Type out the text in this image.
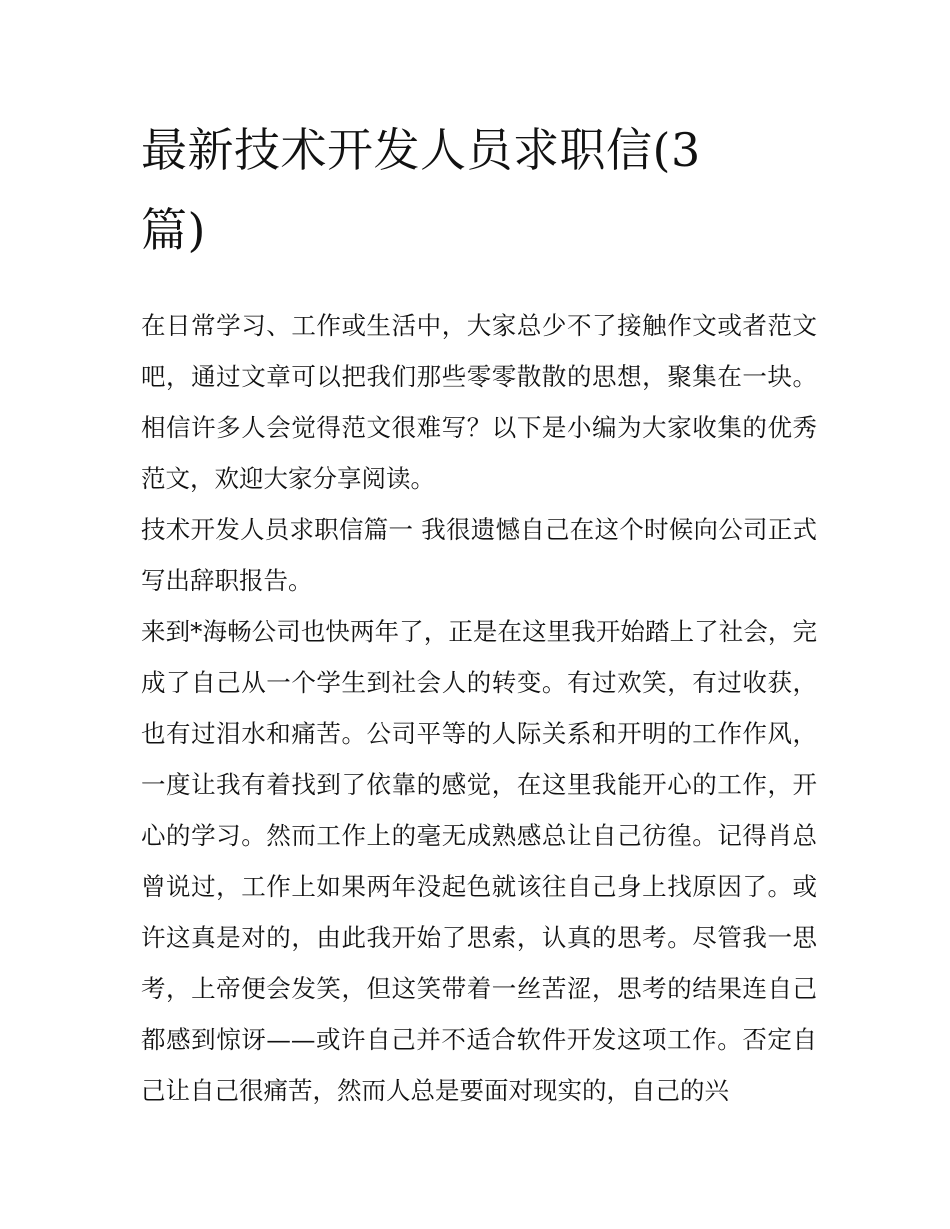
最新技术开发人员求职信(3篇)

在日常学习、工作或生活中，大家总少不了接触作文或者范文吧，通过文章可以把我们那些零零散散的思想，聚集在一块。相信许多人会觉得范文很难写？以下是小编为大家收集的优秀范文，欢迎大家分享阅读。

技术开发人员求职信篇一 我很遗憾自己在这个时候向公司正式写出辞职报告。

来到*海畅公司也快两年了，正是在这里我开始踏上了社会，完成了自己从一个学生到社会人的转变。有过欢笑，有过收获，也有过泪水和痛苦。公司平等的人际关系和开明的工作作风，一度让我有着找到了依靠的感觉，在这里我能开心的工作，开心的学习。然而工作上的毫无成熟感总让自己彷徨。记得肖总曾说过，工作上如果两年没起色就该往自己身上找原因了。或许这真是对的，由此我开始了思索，认真的思考。尽管我一思考，上帝便会发笑，但这笑带着一丝苦涩，思考的结果连自己都感到惊讶——或许自己并不适合软件开发这项工作。否定自己让自己很痛苦，然而人总是要面对现实的，自己的兴
